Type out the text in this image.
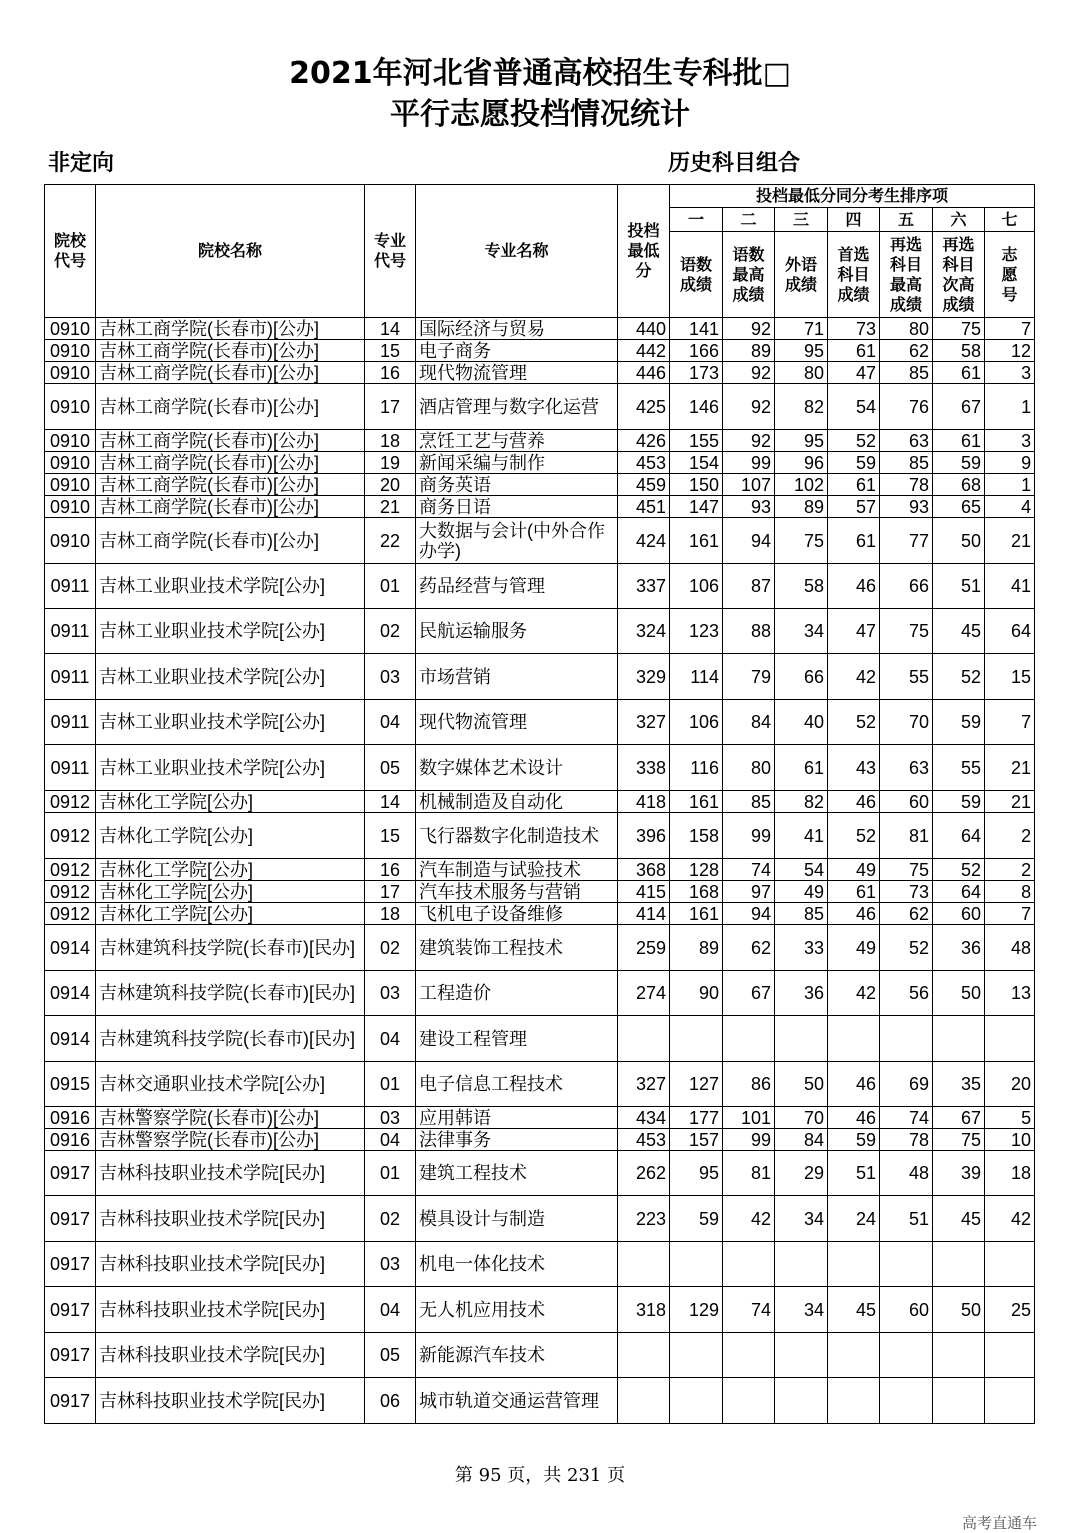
2021年河北省普通高校招生专科批□
平行志愿投档情况统计
非定向	历史科目组合
院校代号	院校名称	专业代号	专业名称	投档最低分	投档最低分同分考生排序项						
					一	二	三	四	五	六	七
					语数成绩	语数最高成绩	外语成绩	首选科目成绩	再选科目最高成绩	再选科目次高成绩	志愿号
0910	吉林工商学院(长春市)[公办]	14	国际经济与贸易	440	141	92	71	73	80	75	7
0910	吉林工商学院(长春市)[公办]	15	电子商务	442	166	89	95	61	62	58	12
0910	吉林工商学院(长春市)[公办]	16	现代物流管理	446	173	92	80	47	85	61	3
0910	吉林工商学院(长春市)[公办]	17	酒店管理与数字化运营	425	146	92	82	54	76	67	1
0910	吉林工商学院(长春市)[公办]	18	烹饪工艺与营养	426	155	92	95	52	63	61	3
0910	吉林工商学院(长春市)[公办]	19	新闻采编与制作	453	154	99	96	59	85	59	9
0910	吉林工商学院(长春市)[公办]	20	商务英语	459	150	107	102	61	78	68	1
0910	吉林工商学院(长春市)[公办]	21	商务日语	451	147	93	89	57	93	65	4
0910	吉林工商学院(长春市)[公办]	22	大数据与会计(中外合作办学)	424	161	94	75	61	77	50	21
0911	吉林工业职业技术学院[公办]	01	药品经营与管理	337	106	87	58	46	66	51	41
0911	吉林工业职业技术学院[公办]	02	民航运输服务	324	123	88	34	47	75	45	64
0911	吉林工业职业技术学院[公办]	03	市场营销	329	114	79	66	42	55	52	15
0911	吉林工业职业技术学院[公办]	04	现代物流管理	327	106	84	40	52	70	59	7
0911	吉林工业职业技术学院[公办]	05	数字媒体艺术设计	338	116	80	61	43	63	55	21
0912	吉林化工学院[公办]	14	机械制造及自动化	418	161	85	82	46	60	59	21
0912	吉林化工学院[公办]	15	飞行器数字化制造技术	396	158	99	41	52	81	64	2
0912	吉林化工学院[公办]	16	汽车制造与试验技术	368	128	74	54	49	75	52	2
0912	吉林化工学院[公办]	17	汽车技术服务与营销	415	168	97	49	61	73	64	8
0912	吉林化工学院[公办]	18	飞机电子设备维修	414	161	94	85	46	62	60	7
0914	吉林建筑科技学院(长春市)[民办]	02	建筑装饰工程技术	259	89	62	33	49	52	36	48
0914	吉林建筑科技学院(长春市)[民办]	03	工程造价	274	90	67	36	42	56	50	13
0914	吉林建筑科技学院(长春市)[民办]	04	建设工程管理								
0915	吉林交通职业技术学院[公办]	01	电子信息工程技术	327	127	86	50	46	69	35	20
0916	吉林警察学院(长春市)[公办]	03	应用韩语	434	177	101	70	46	74	67	5
0916	吉林警察学院(长春市)[公办]	04	法律事务	453	157	99	84	59	78	75	10
0917	吉林科技职业技术学院[民办]	01	建筑工程技术	262	95	81	29	51	48	39	18
0917	吉林科技职业技术学院[民办]	02	模具设计与制造	223	59	42	34	24	51	45	42
0917	吉林科技职业技术学院[民办]	03	机电一体化技术								
0917	吉林科技职业技术学院[民办]	04	无人机应用技术	318	129	74	34	45	60	50	25
0917	吉林科技职业技术学院[民办]	05	新能源汽车技术								
0917	吉林科技职业技术学院[民办]	06	城市轨道交通运营管理								
第 95 页，共 231 页
高考直通车
